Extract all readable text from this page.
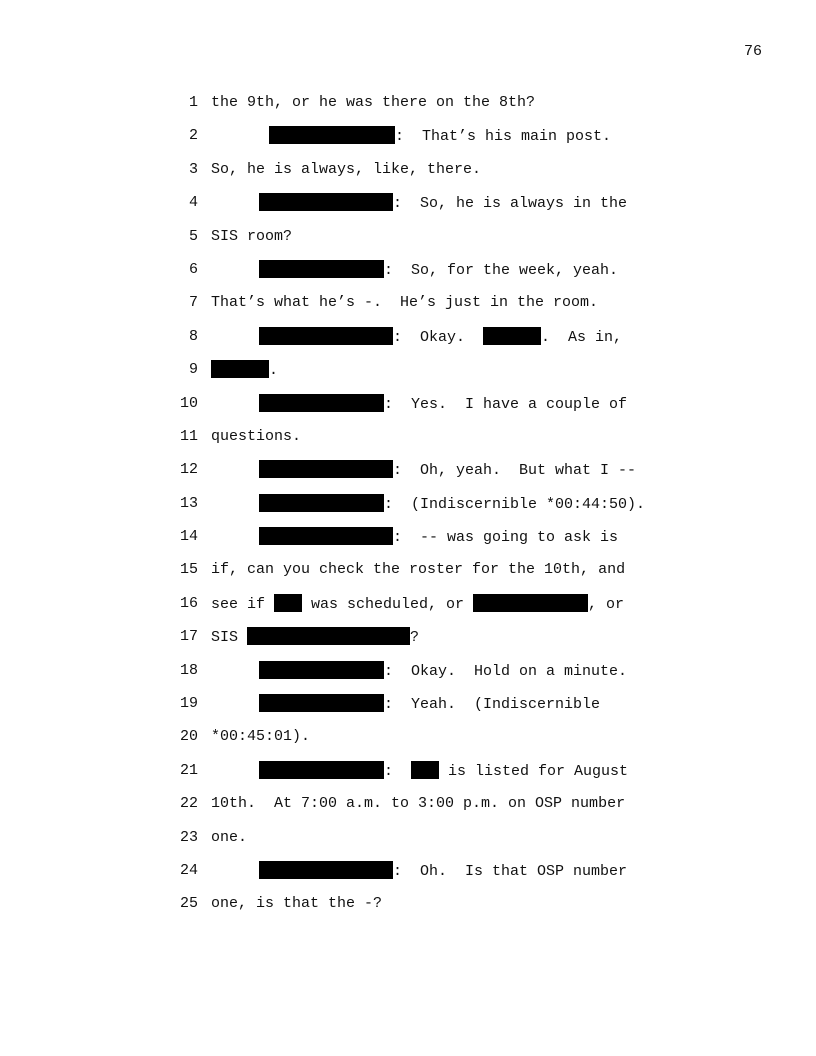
76

1

the 9th, or he was there on the 8th?

2

	:  That’s his main post.

3

So, he is always, like, there.

4

	:  So, he is always in the

5

SIS room?

6

	:  So, for the week, yeah.

7

That’s what he’s -.  He’s just in the room.

8

	:  Okay.	.  As in,

9

	.

10

	:  Yes.  I have a couple of

11

questions.

12

	:  Oh, yeah.  But what I --

13

	:  (Indiscernible *00:44:50).

14

	:  -- was going to ask is

15

if, can you check the roster for the 10th, and

16

see if  was scheduled, or	, or

17

SIS	?

18

	:  Okay.  Hold on a minute.

19

	:  Yeah.  (Indiscernible

20

*00:45:01).

21

	:   is listed for August

22

10th.  At 7:00 a.m. to 3:00 p.m. on OSP number

23

one.

24

	:  Oh.  Is that OSP number

25

one, is that the -?
